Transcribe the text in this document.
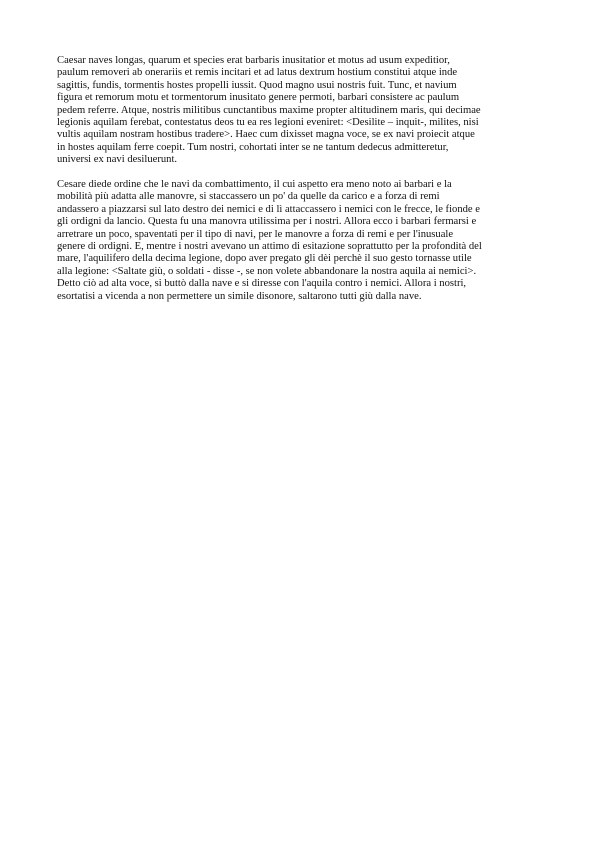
Caesar naves longas, quarum et species erat barbaris inusitatior et motus ad usum expeditior,
paulum removeri ab onerariis et remis incitari et ad latus dextrum hostium constitui atque inde
sagittis, fundis, tormentis hostes propelli iussit. Quod magno usui nostris fuit. Tunc, et navium
figura et remorum motu et tormentorum inusitato genere permoti, barbari consistere ac paulum
pedem referre. Atque, nostris militibus cunctantibus maxime propter altitudinem maris, qui decimae
legionis aquilam ferebat, contestatus deos tu ea res legioni eveniret: <Desilite – inquit-, milites, nisi
vultis aquilam nostram hostibus tradere>. Haec cum dixisset magna voce, se ex navi proiecit atque
in hostes aquilam ferre coepit. Tum nostri, cohortati inter se ne tantum dedecus admitteretur,
universi ex navi desiluerunt.

Cesare diede ordine che le navi da combattimento, il cui aspetto era meno noto ai barbari e la
mobilità più adatta alle manovre, si staccassero un po' da quelle da carico e a forza di remi
andassero a piazzarsi sul lato destro dei nemici e di lì attaccassero i nemici con le frecce, le fionde e
gli ordigni da lancio. Questa fu una manovra utilissima per i nostri. Allora ecco i barbari fermarsi e
arretrare un poco, spaventati per il tipo di navi, per le manovre a forza di remi e per l'inusuale
genere di ordigni. E, mentre i nostri avevano un attimo di esitazione soprattutto per la profondità del
mare, l'aquilifero della decima legione, dopo aver pregato gli dèi perchè il suo gesto tornasse utile
alla legione: <Saltate giù, o soldati - disse -, se non volete abbandonare la nostra aquila ai nemici>.
Detto ciò ad alta voce, si buttò dalla nave e si diresse con l'aquila contro i nemici. Allora i nostri,
esortatisi a vicenda a non permettere un simile disonore, saltarono tutti giù dalla nave.
